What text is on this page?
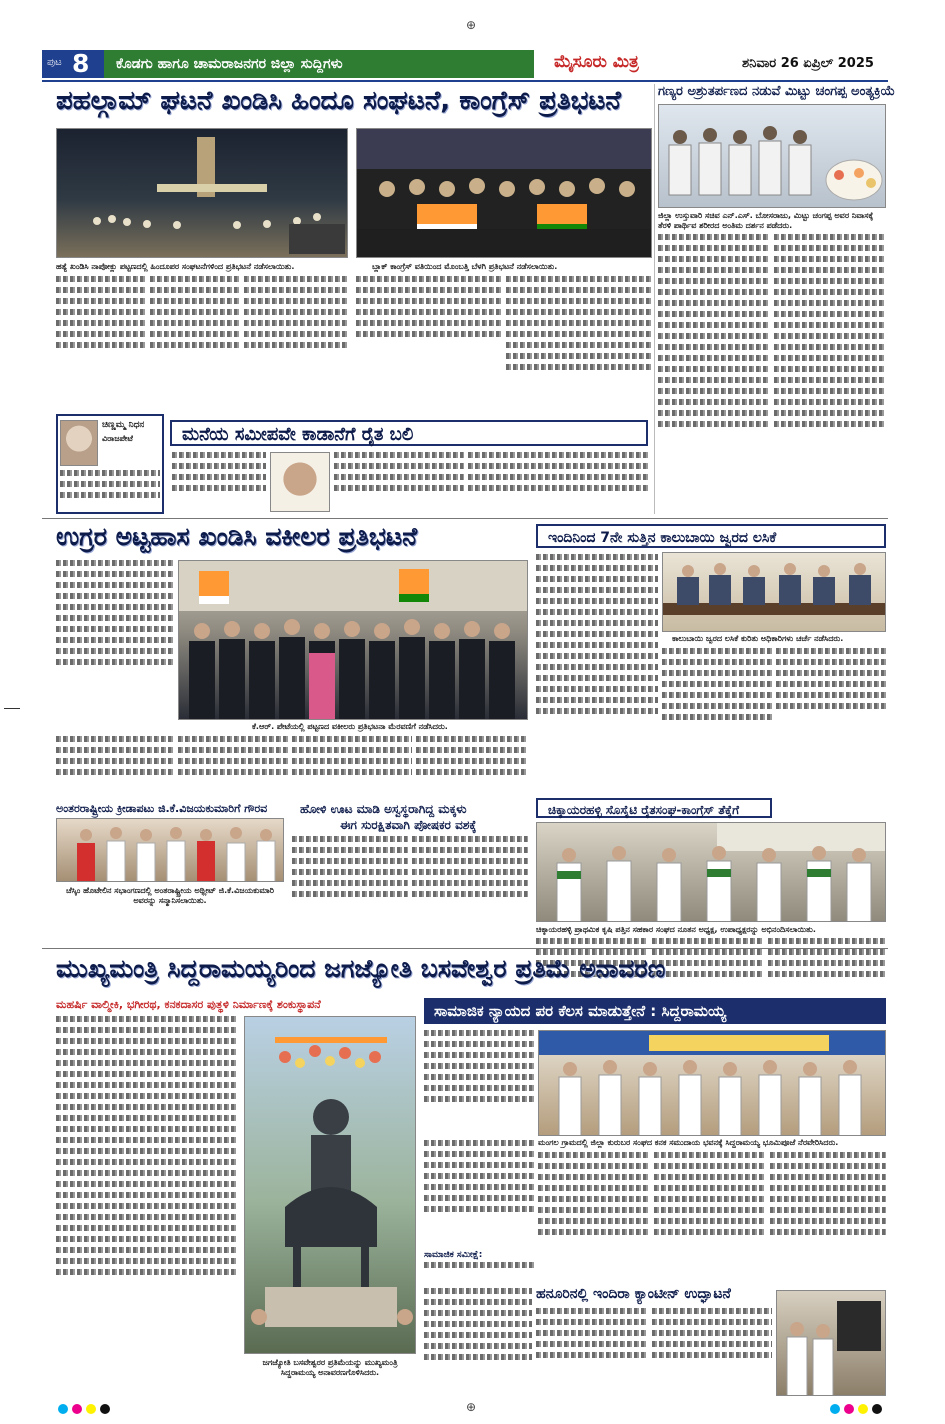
ಪುಟ 8	ಕೊಡಗು ಹಾಗೂ ಚಾಮರಾಜನಗರ ಜಿಲ್ಲಾ ಸುದ್ದಿಗಳು	ಮೈಸೂರು ಮಿತ್ರ	ಶನಿವಾರ 26 ಏಪ್ರಿಲ್ 2025
ಪಹಲ್ಗಾಮ್ ಘಟನೆ ಖಂಡಿಸಿ ಹಿಂದೂ ಸಂಘಟನೆ, ಕಾಂಗ್ರೆಸ್ ಪ್ರತಿಭಟನೆ
ಹತ್ಯೆ ಖಂಡಿಸಿ ನಾಪೋಕ್ಲು ಪಟ್ಟಣದಲ್ಲಿ ಹಿಂದೂಪರ ಸಂಘಟನೆಗಳಿಂದ ಪ್ರತಿಭಟನೆ ನಡೆಸಲಾಯಿತು.	ಬ್ಲಾಕ್ ಕಾಂಗ್ರೆಸ್ ವತಿಯಿಂದ ಮೊಂಬತ್ತಿ ಬೆಳಗಿ ಪ್ರತಿಭಟನೆ ನಡೆಸಲಾಯಿತು.
ಗಣ್ಯರ ಅಶ್ರುತರ್ಪಣದ ನಡುವೆ ಮಿಟ್ಟು ಚಂಗಪ್ಪ ಅಂತ್ಯಕ್ರಿಯೆ
ಜಿಲ್ಲಾ ಉಸ್ತುವಾರಿ ಸಚಿವ ಎನ್.ಎಸ್. ಬೋಸರಾಜು, ಮಿಟ್ಟು ಚಂಗಪ್ಪ ಅವರ ನಿವಾಸಕ್ಕೆ ತೆರಳಿ ಪಾರ್ಥಿವ ಶರೀರದ ಅಂತಿಮ ದರ್ಶನ ಪಡೆದರು.
ಚಿಣ್ಣಮ್ಮ ನಿಧನ
ವಿರಾಜಪೇಟೆ	ಮನೆಯ ಸಮೀಪವೇ ಕಾಡಾನೆಗೆ ರೈತ ಬಲಿ
ಉಗ್ರರ ಅಟ್ಟಹಾಸ ಖಂಡಿಸಿ ವಕೀಲರ ಪ್ರತಿಭಟನೆ
ಕೆ.ಆರ್. ಪೇಟೆಯಲ್ಲಿ ಪಟ್ಟಣದ ವಕೀಲರು ಪ್ರತಿಭಟನಾ ಮೆರವಣಿಗೆ ನಡೆಸಿದರು.
ಇಂದಿನಿಂದ 7ನೇ ಸುತ್ತಿನ ಕಾಲುಬಾಯಿ ಜ್ವರದ ಲಸಿಕೆ
ಕಾಲುಬಾಯಿ ಜ್ವರದ ಲಸಿಕೆ ಕುರಿತು ಅಧಿಕಾರಿಗಳು ಚರ್ಚೆ ನಡೆಸಿದರು.
ಚಿಕ್ಕಾಯರಹಳ್ಳಿ ಸೊಸೈಟಿ ರೈತಸಂಘ-ಕಾಂಗ್ರೆಸ್ ತೆಕ್ಕೆಗೆ
ಚಿಕ್ಕಾಯರಹಳ್ಳಿ ಪ್ರಾಥಮಿಕ ಕೃಷಿ ಪತ್ತಿನ ಸಹಕಾರ ಸಂಘದ ನೂತನ ಅಧ್ಯಕ್ಷ, ಉಪಾಧ್ಯಕ್ಷರನ್ನು ಅಭಿನಂದಿಸಲಾಯಿತು.
ಅಂತರರಾಷ್ಟ್ರೀಯ ಕ್ರೀಡಾಪಟು ಜಿ.ಕೆ.ವಿಜಯಕುಮಾರಿಗೆ ಗೌರವ
ಚೆಸ್ಕಿಂ ಹೊಟೇಲಿನ ಸಭಾಂಗಣದಲ್ಲಿ ಅಂತರಾಷ್ಟ್ರೀಯ ಅಥ್ಲೀಟ್ ಜಿ.ಕೆ.ವಿಜಯಕುಮಾರಿ ಅವರನ್ನು ಸನ್ಮಾನಿಸಲಾಯಿತು.
ಹೋಳಿ ಊಟ ಮಾಡಿ ಅಸ್ವಸ್ಥರಾಗಿದ್ದ ಮಕ್ಕಳು
ಈಗ ಸುರಕ್ಷಿತವಾಗಿ ಪೋಷಕರ ವಶಕ್ಕೆ
ಮುಖ್ಯಮಂತ್ರಿ ಸಿದ್ದರಾಮಯ್ಯರಿಂದ ಜಗಜ್ಯೋತಿ ಬಸವೇಶ್ವರ ಪ್ರತಿಮೆ ಅನಾವರಣ
ಮಹರ್ಷಿ ವಾಲ್ಮೀಕಿ, ಭಗೀರಥ, ಕನಕದಾಸರ ಪುತ್ಥಳಿ ನಿರ್ಮಾಣಕ್ಕೆ ಶಂಕುಸ್ಥಾಪನೆ
ಜಗಜ್ಯೋತಿ ಬಸವೇಶ್ವರರ ಪ್ರತಿಮೆಯನ್ನು ಮುಖ್ಯಮಂತ್ರಿ ಸಿದ್ದರಾಮಯ್ಯ ಅನಾವರಣಗೊಳಿಸಿದರು.
ಸಾಮಾಜಿಕ ನ್ಯಾಯದ ಪರ ಕೆಲಸ ಮಾಡುತ್ತೇನೆ : ಸಿದ್ದರಾಮಯ್ಯ
ಮಂಗಲ ಗ್ರಾಮದಲ್ಲಿ ಜಿಲ್ಲಾ ಕುರುಬರ ಸಂಘದ ಕನಕ ಸಮುದಾಯ ಭವನಕ್ಕೆ ಸಿದ್ದರಾಮಯ್ಯ ಭೂಮಿಪೂಜೆ ನೆರವೇರಿಸಿದರು.
ಸಾಮಾಜಿಕ ಸಮೀಕ್ಷೆ:
ಹನೂರಿನಲ್ಲಿ ಇಂದಿರಾ ಕ್ಯಾಂಟೀನ್ ಉದ್ಘಾಟನೆ
⊕
⊕
